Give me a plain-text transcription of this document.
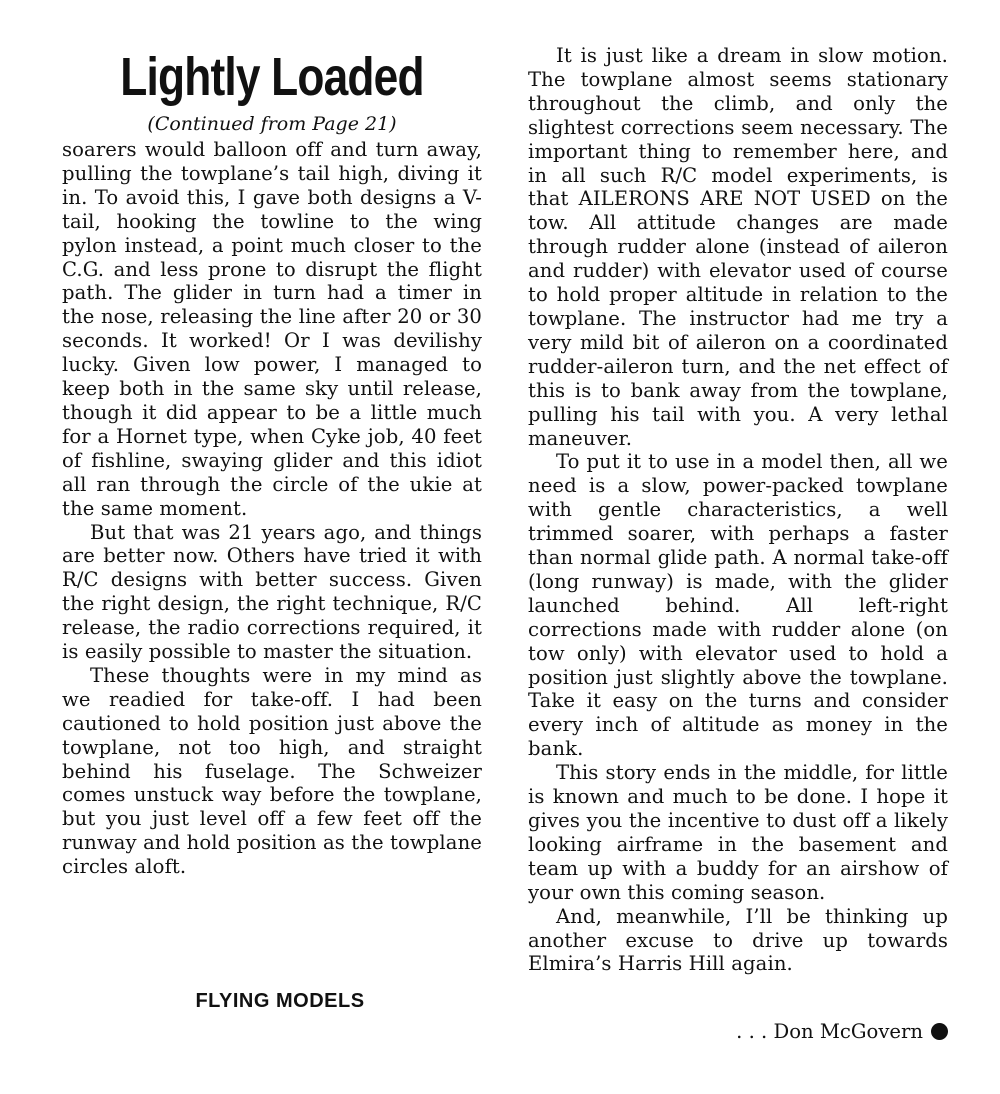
Lightly Loaded
(Continued from Page 21)

soarers would balloon off and turn away, pulling the towplane’s tail high, diving it in. To avoid this, I gave both designs a V-tail, hooking the towline to the wing pylon instead, a point much closer to the C.G. and less prone to disrupt the flight path. The glider in turn had a timer in the nose, releasing the line after 20 or 30 seconds. It worked! Or I was devilishy lucky. Given low power, I managed to keep both in the same sky until release, though it did appear to be a little much for a Hornet type, when Cyke job, 40 feet of fishline, swaying glider and this idiot all ran through the circle of the ukie at the same moment.

But that was 21 years ago, and things are better now. Others have tried it with R/C designs with better success. Given the right design, the right technique, R/C release, the radio corrections required, it is easily possible to master the situation.

These thoughts were in my mind as we readied for take-off. I had been cautioned to hold position just above the towplane, not too high, and straight behind his fuselage. The Schweizer comes unstuck way before the towplane, but you just level off a few feet off the runway and hold position as the towplane circles aloft.

It is just like a dream in slow motion. The towplane almost seems stationary throughout the climb, and only the slightest corrections seem necessary. The important thing to remember here, and in all such R/C model experiments, is that AILERONS ARE NOT USED on the tow. All attitude changes are made through rudder alone (instead of aileron and rudder) with elevator used of course to hold proper altitude in relation to the towplane. The instructor had me try a very mild bit of aileron on a coordinated rudder-aileron turn, and the net effect of this is to bank away from the towplane, pulling his tail with you. A very lethal maneuver.

To put it to use in a model then, all we need is a slow, power-packed towplane with gentle characteristics, a well trimmed soarer, with perhaps a faster than normal glide path. A normal take-off (long runway) is made, with the glider launched behind. All left-right corrections made with rudder alone (on tow only) with elevator used to hold a position just slightly above the towplane. Take it easy on the turns and consider every inch of altitude as money in the bank.

This story ends in the middle, for little is known and much to be done. I hope it gives you the incentive to dust off a likely looking airframe in the basement and team up with a buddy for an airshow of your own this coming season.

And, meanwhile, I’ll be thinking up another excuse to drive up towards Elmira’s Harris Hill again.

. . . Don McGovern
FLYING MODELS
